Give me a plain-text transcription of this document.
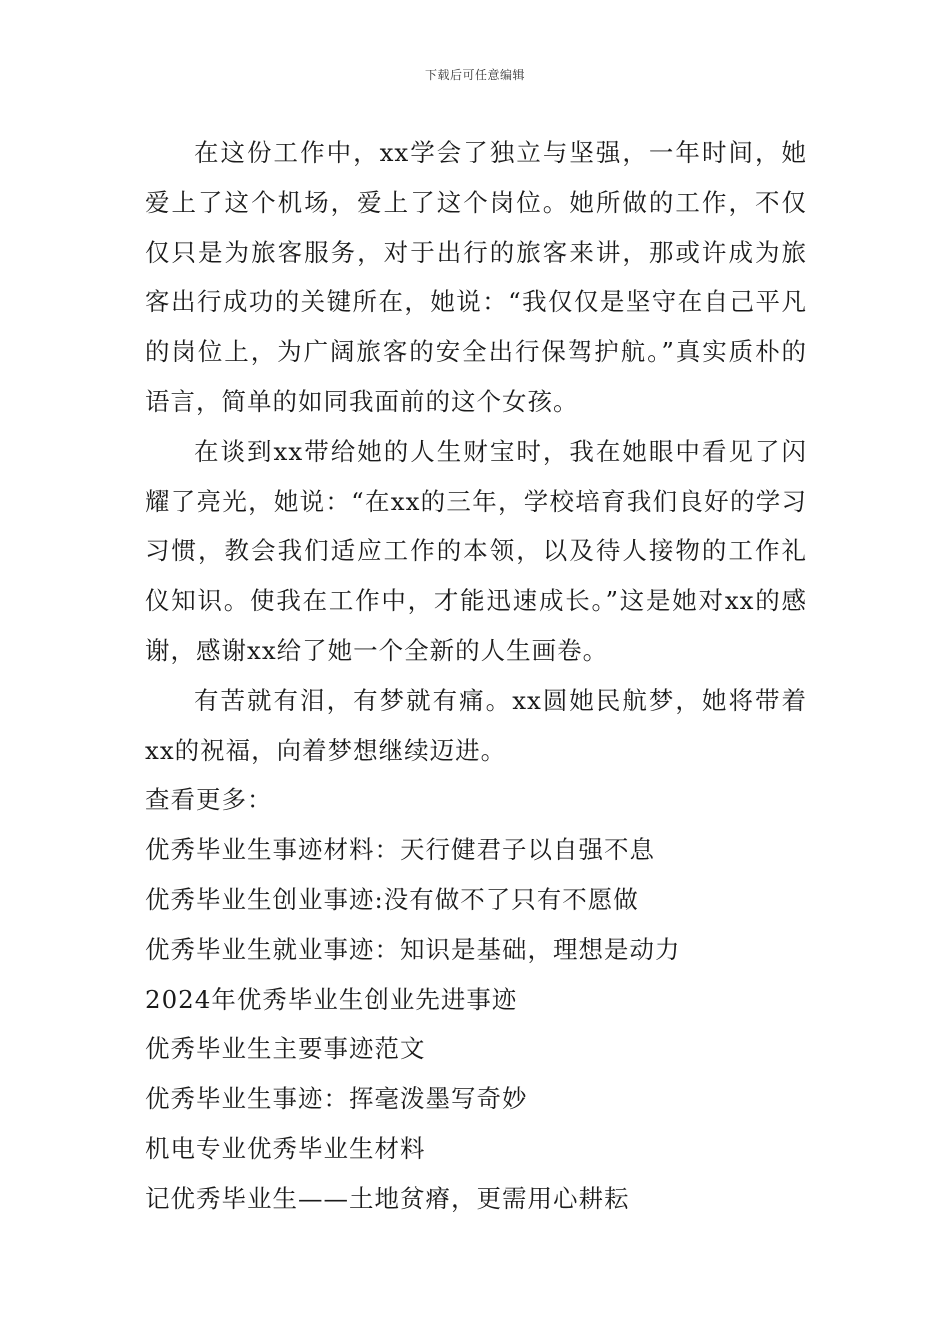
下载后可任意编辑

在这份工作中，xx学会了独立与坚强，一年时间，她爱上了这个机场，爱上了这个岗位。她所做的工作，不仅仅只是为旅客服务，对于出行的旅客来讲，那或许成为旅客出行成功的关键所在，她说：“我仅仅是坚守在自己平凡的岗位上，为广阔旅客的安全出行保驾护航。”真实质朴的语言，简单的如同我面前的这个女孩。

在谈到xx带给她的人生财宝时，我在她眼中看见了闪耀了亮光，她说：“在xx的三年，学校培育我们良好的学习习惯，教会我们适应工作的本领，以及待人接物的工作礼仪知识。使我在工作中，才能迅速成长。”这是她对xx的感谢，感谢xx给了她一个全新的人生画卷。

有苦就有泪，有梦就有痛。xx圆她民航梦，她将带着xx的祝福，向着梦想继续迈进。

查看更多：

优秀毕业生事迹材料：天行健君子以自强不息
优秀毕业生创业事迹:没有做不了只有不愿做
优秀毕业生就业事迹：知识是基础，理想是动力
2024年优秀毕业生创业先进事迹
优秀毕业生主要事迹范文
优秀毕业生事迹：挥毫泼墨写奇妙
机电专业优秀毕业生材料
记优秀毕业生——土地贫瘠，更需用心耕耘
